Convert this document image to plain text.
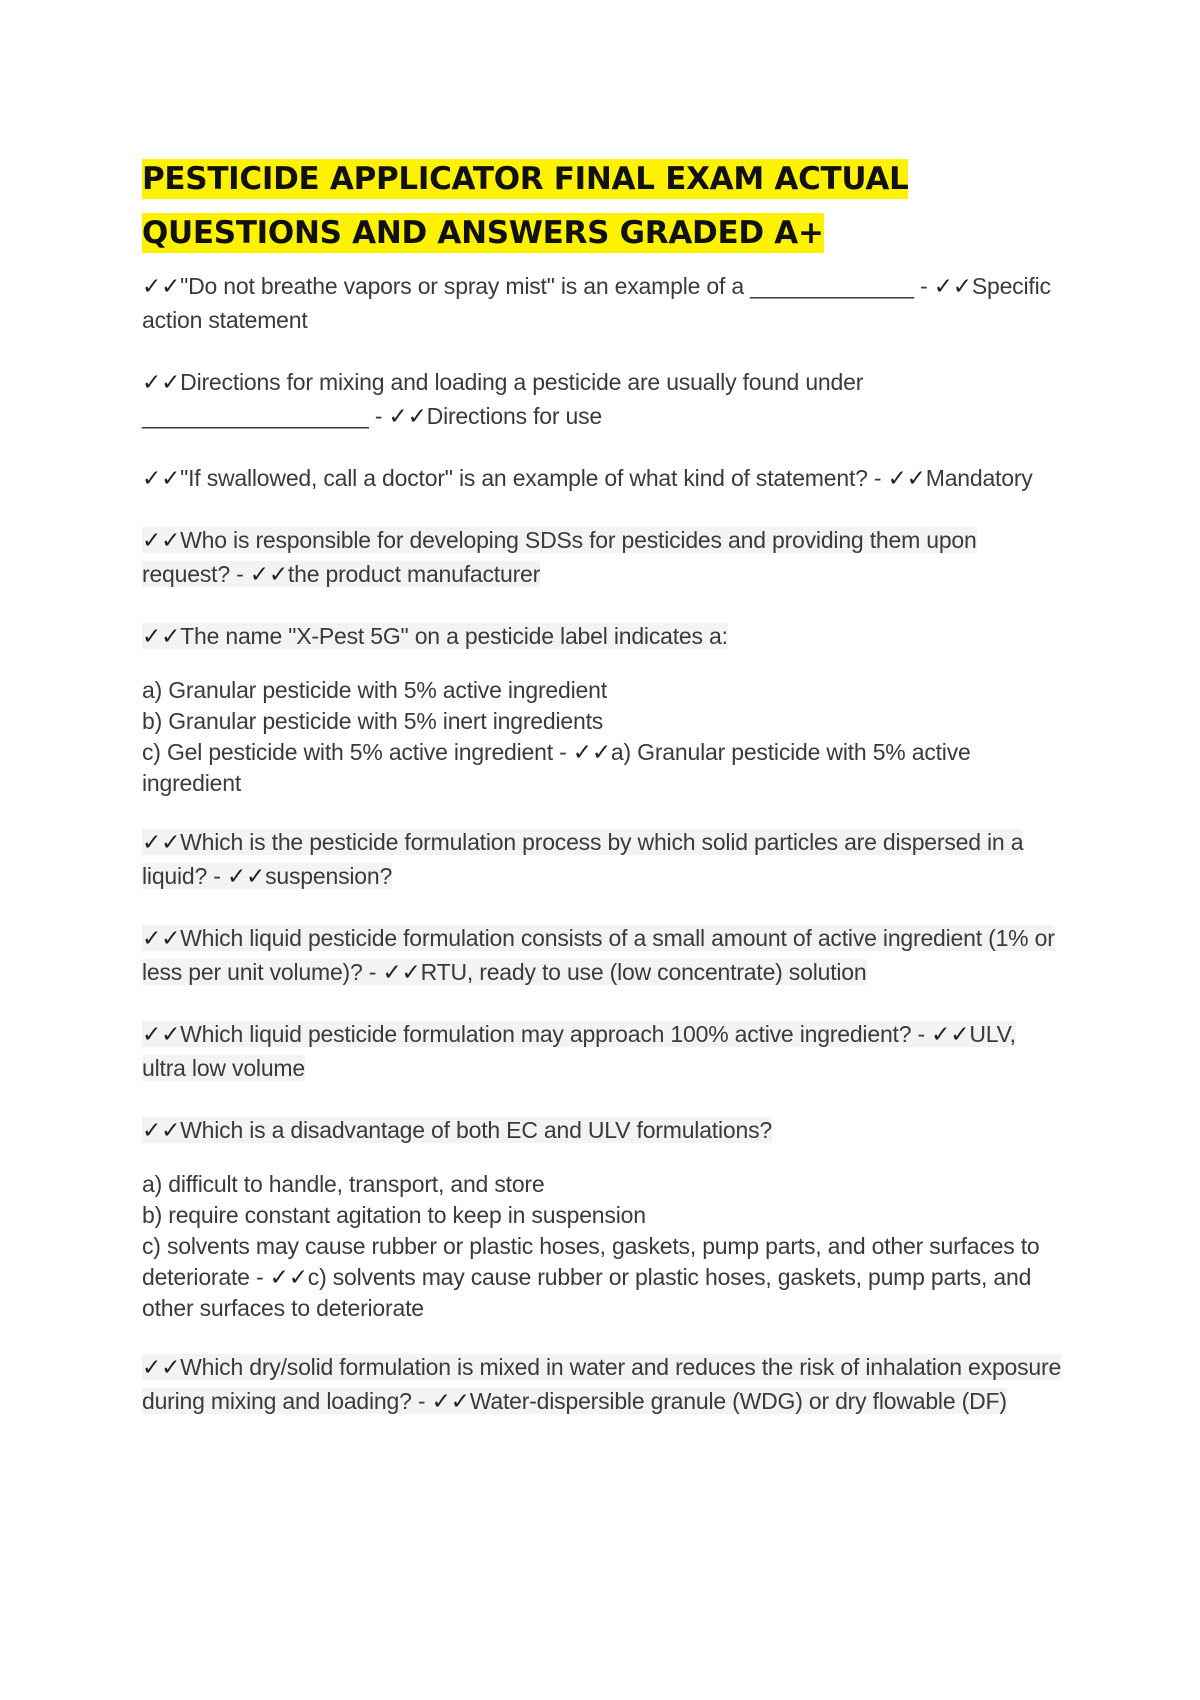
PESTICIDE APPLICATOR FINAL EXAM ACTUAL QUESTIONS AND ANSWERS GRADED A+
✓✓"Do not breathe vapors or spray mist" is an example of a _____________ - ✓✓Specific action statement
✓✓Directions for mixing and loading a pesticide are usually found under __________________ - ✓✓Directions for use
✓✓"If swallowed, call a doctor" is an example of what kind of statement? - ✓✓Mandatory
✓✓Who is responsible for developing SDSs for pesticides and providing them upon request? - ✓✓the product manufacturer
✓✓The name "X-Pest 5G" on a pesticide label indicates a:
a) Granular pesticide with 5% active ingredient
b) Granular pesticide with 5% inert ingredients
c) Gel pesticide with 5% active ingredient - ✓✓a) Granular pesticide with 5% active ingredient
✓✓Which is the pesticide formulation process by which solid particles are dispersed in a liquid? - ✓✓suspension?
✓✓Which liquid pesticide formulation consists of a small amount of active ingredient (1% or less per unit volume)? - ✓✓RTU, ready to use (low concentrate) solution
✓✓Which liquid pesticide formulation may approach 100% active ingredient? - ✓✓ULV, ultra low volume
✓✓Which is a disadvantage of both EC and ULV formulations?
a) difficult to handle, transport, and store
b) require constant agitation to keep in suspension
c) solvents may cause rubber or plastic hoses, gaskets, pump parts, and other surfaces to deteriorate - ✓✓c) solvents may cause rubber or plastic hoses, gaskets, pump parts, and other surfaces to deteriorate
✓✓Which dry/solid formulation is mixed in water and reduces the risk of inhalation exposure during mixing and loading? - ✓✓Water-dispersible granule (WDG) or dry flowable (DF)
